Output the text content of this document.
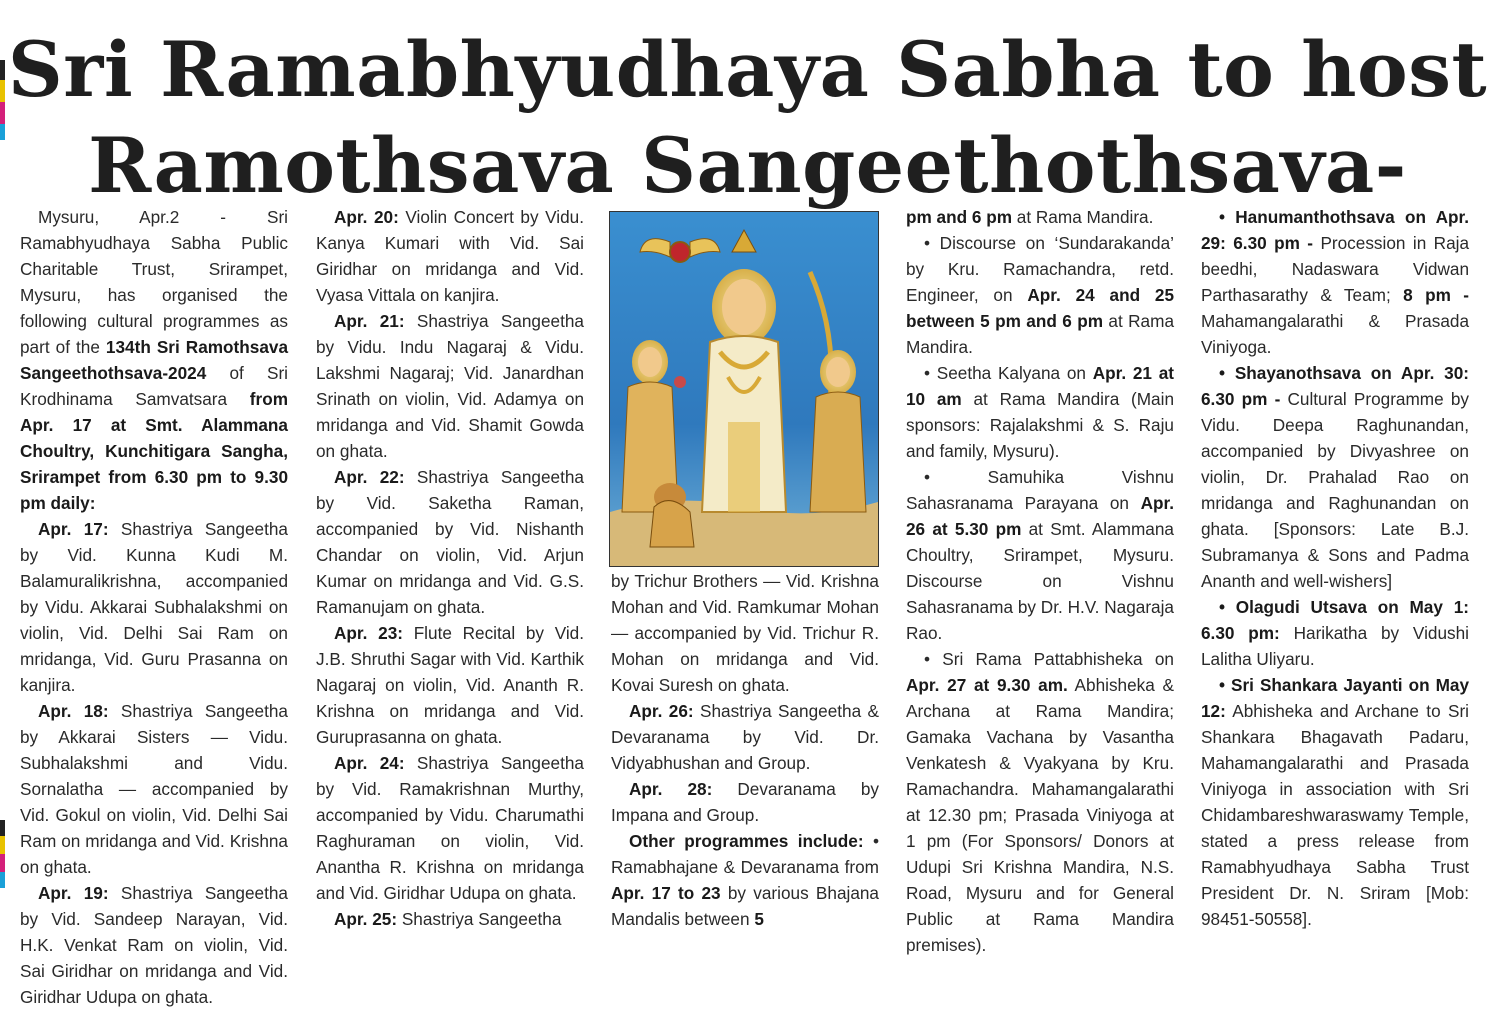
Sri Ramabhyudhaya Sabha to host
Ramothsava Sangeethothsava-

Mysuru, Apr.2 - Sri Ramabhyudhaya Sabha Public Charitable Trust, Srirampet, Mysuru, has organised the following cultural programmes as part of the 134th Sri Ramothsava Sangeethothsava-2024 of Sri Krodhinama Samvatsara from Apr. 17 at Smt. Alammana Choultry, Kunchitigara Sangha, Srirampet from 6.30 pm to 9.30 pm daily:

Apr. 17: Shastriya Sangeetha by Vid. Kunna Kudi M. Balamuralikrishna, accompanied by Vidu. Akkarai Subhalakshmi on violin, Vid. Delhi Sai Ram on mridanga, Vid. Guru Prasanna on kanjira.

Apr. 18: Shastriya Sangeetha by Akkarai Sisters — Vidu. Subhalakshmi and Vidu. Sornalatha — accompanied by Vid. Gokul on violin, Vid. Delhi Sai Ram on mridanga and Vid. Krishna on ghata.

Apr. 19: Shastriya Sangeetha by Vid. Sandeep Narayan, Vid. H.K. Venkat Ram on violin, Vid. Sai Giridhar on mridanga and Vid. Giridhar Udupa on ghata.

Apr. 20: Violin Concert by Vidu. Kanya Kumari with Vid. Sai Giridhar on mridanga and Vid. Vyasa Vittala on kanjira.

Apr. 21: Shastriya Sangeetha by Vidu. Indu Nagaraj & Vidu. Lakshmi Nagaraj; Vid. Janardhan Srinath on violin, Vid. Adamya on mridanga and Vid. Shamit Gowda on ghata.

Apr. 22: Shastriya Sangeetha by Vid. Saketha Raman, accompanied by Vid. Nishanth Chandar on violin, Vid. Arjun Kumar on mridanga and Vid. G.S. Ramanujam on ghata.

Apr. 23: Flute Recital by Vid. J.B. Shruthi Sagar with Vid. Karthik Nagaraj on violin, Vid. Ananth R. Krishna on mridanga and Vid. Guruprasanna on ghata.

Apr. 24: Shastriya Sangeetha by Vid. Ramakrishnan Murthy, accompanied by Vidu. Charumathi Raghuraman on violin, Vid. Anantha R. Krishna on mridanga and Vid. Giridhar Udupa on ghata.

Apr. 25: Shastriya Sangeetha

by Trichur Brothers — Vid. Krishna Mohan and Vid. Ramkumar Mohan — accompanied by Vid. Trichur R. Mohan on mridanga and Vid. Kovai Suresh on ghata.

Apr. 26: Shastriya Sangeetha & Devaranama by Vid. Dr. Vidyabhushan and Group.

Apr. 28: Devaranama by Impana and Group.

Other programmes include: • Ramabhajane & Devaranama from Apr. 17 to 23 by various Bhajana Mandalis between 5

pm and 6 pm at Rama Mandira.

• Discourse on ‘Sundarakanda’ by Kru. Ramachandra, retd. Engineer, on Apr. 24 and 25 between 5 pm and 6 pm at Rama Mandira.

• Seetha Kalyana on Apr. 21 at 10 am at Rama Mandira (Main sponsors: Rajalakshmi & S. Raju and family, Mysuru).

• Samuhika Vishnu Sahasranama Parayana on Apr. 26 at 5.30 pm at Smt. Alammana Choultry, Srirampet, Mysuru. Discourse on Vishnu Sahasranama by Dr. H.V. Nagaraja Rao.

• Sri Rama Pattabhisheka on Apr. 27 at 9.30 am. Abhisheka & Archana at Rama Mandira; Gamaka Vachana by Vasantha Venkatesh & Vyakyana by Kru. Ramachandra. Mahamangalarathi at 12.30 pm; Prasada Viniyoga at 1 pm (For Sponsors/ Donors at Udupi Sri Krishna Mandira, N.S. Road, Mysuru and for General Public at Rama Mandira premises).

• Hanumanthothsava on Apr. 29: 6.30 pm - Procession in Raja beedhi, Nadaswara Vidwan Parthasarathy & Team; 8 pm - Mahamangalarathi & Prasada Viniyoga.

• Shayanothsava on Apr. 30: 6.30 pm - Cultural Programme by Vidu. Deepa Raghunandan, accompanied by Divyashree on violin, Dr. Prahalad Rao on mridanga and Raghunandan on ghata. [Sponsors: Late B.J. Subramanya & Sons and Padma Ananth and well-wishers]

• Olagudi Utsava on May 1: 6.30 pm: Harikatha by Vidushi Lalitha Uliyaru.

• Sri Shankara Jayanti on May 12: Abhisheka and Archane to Sri Shankara Bhagavath Padaru, Mahamangalarathi and Prasada Viniyoga in association with Sri Chidambareshwaraswamy Temple, stated a press release from Ramabhyudhaya Sabha Trust President Dr. N. Sriram [Mob: 98451-50558].
